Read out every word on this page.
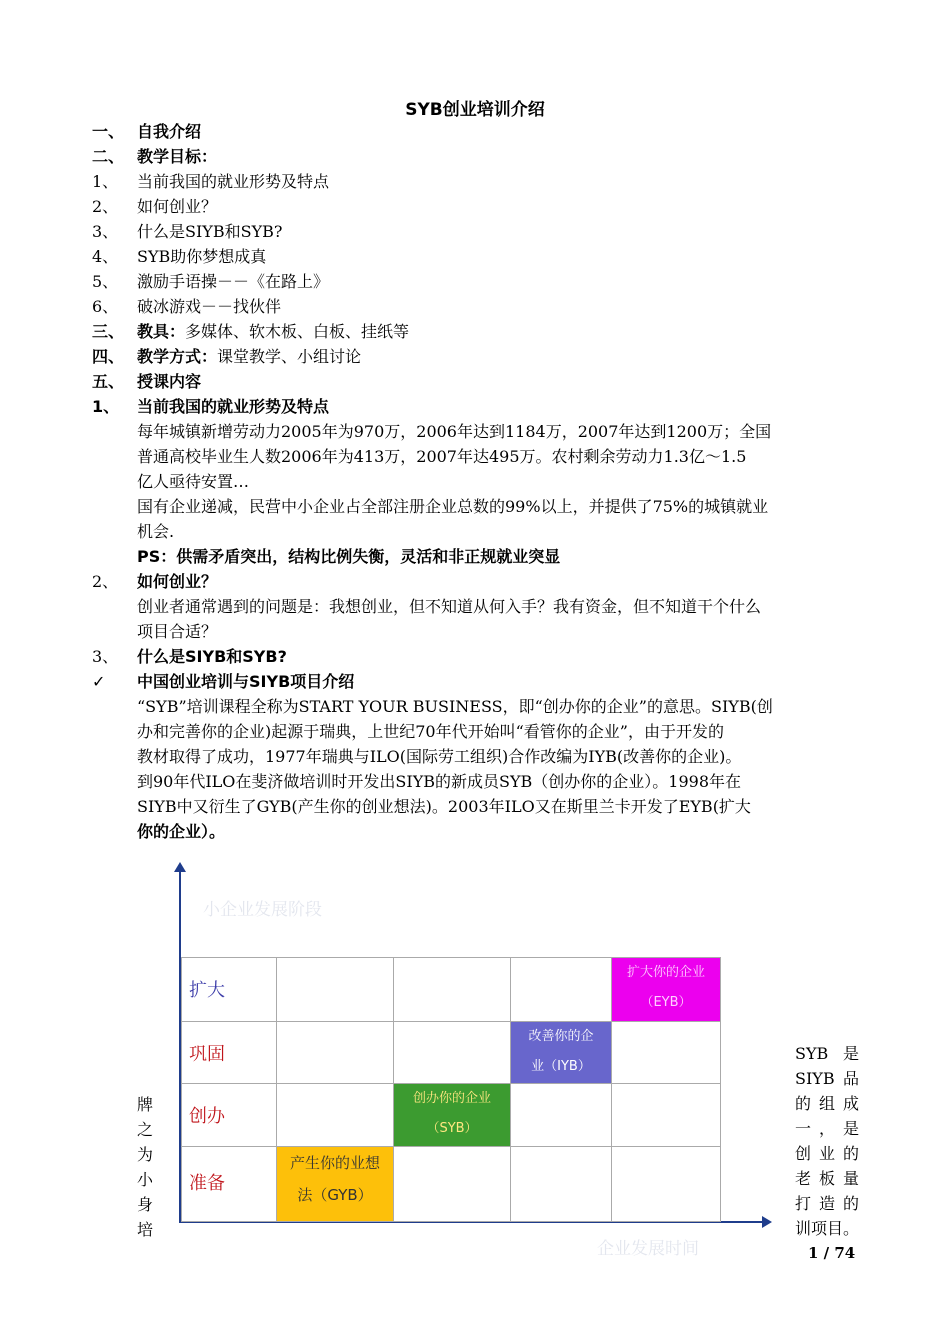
SYB创业培训介绍
一、 自我介绍
二、 教学目标：
1、 当前我国的就业形势及特点
2、 如何创业？
3、 什么是SIYB和SYB?
4、 SYB助你梦想成真
5、 激励手语操－－《在路上》
6、 破冰游戏－－找伙伴
三、 教具：多媒体、软木板、白板、挂纸等
四、 教学方式：课堂教学、小组讨论
五、 授课内容
1、 当前我国的就业形势及特点
每年城镇新增劳动力2005年为970万，2006年达到1184万，2007年达到1200万；全国
普通高校毕业生人数2006年为413万，2007年达495万。农村剩余劳动力1.3亿～1.5
亿人亟待安置…
国有企业递减，民营中小企业占全部注册企业总数的99%以上，并提供了75%的城镇就业
机会.
PS：供需矛盾突出，结构比例失衡，灵活和非正规就业突显
2、 如何创业？
创业者通常遇到的问题是：我想创业，但不知道从何入手？我有资金，但不知道干个什么
项目合适？
3、 什么是SIYB和SYB?
✓ 中国创业培训与SIYB项目介绍
“SYB”培训课程全称为START YOUR BUSINESS，即“创办你的企业”的意思。SIYB(创
办和完善你的企业)起源于瑞典，上世纪70年代开始叫“看管你的企业”，由于开发的
教材取得了成功，1977年瑞典与ILO(国际劳工组织)合作改编为IYB(改善你的企业)。
到90年代ILO在斐济做培训时开发出SIYB的新成员SYB（创办你的企业）。1998年在
SIYB中又衍生了GYB(产生你的创业想法)。2003年ILO又在斯里兰卡开发了EYB(扩大
你的企业）。
小企业发展阶段
企业发展时间
扩大
扩大你的企业
（EYB）
巩固
改善你的企
业（IYB）
创办
创办你的企业
（SYB）
准备
产生你的业想
法（GYB）
牌
之
为
小
身
培
SYB 是
SIYB品
的组成
一，是
创业的
老板量
打造的
训项目。
1 / 74
